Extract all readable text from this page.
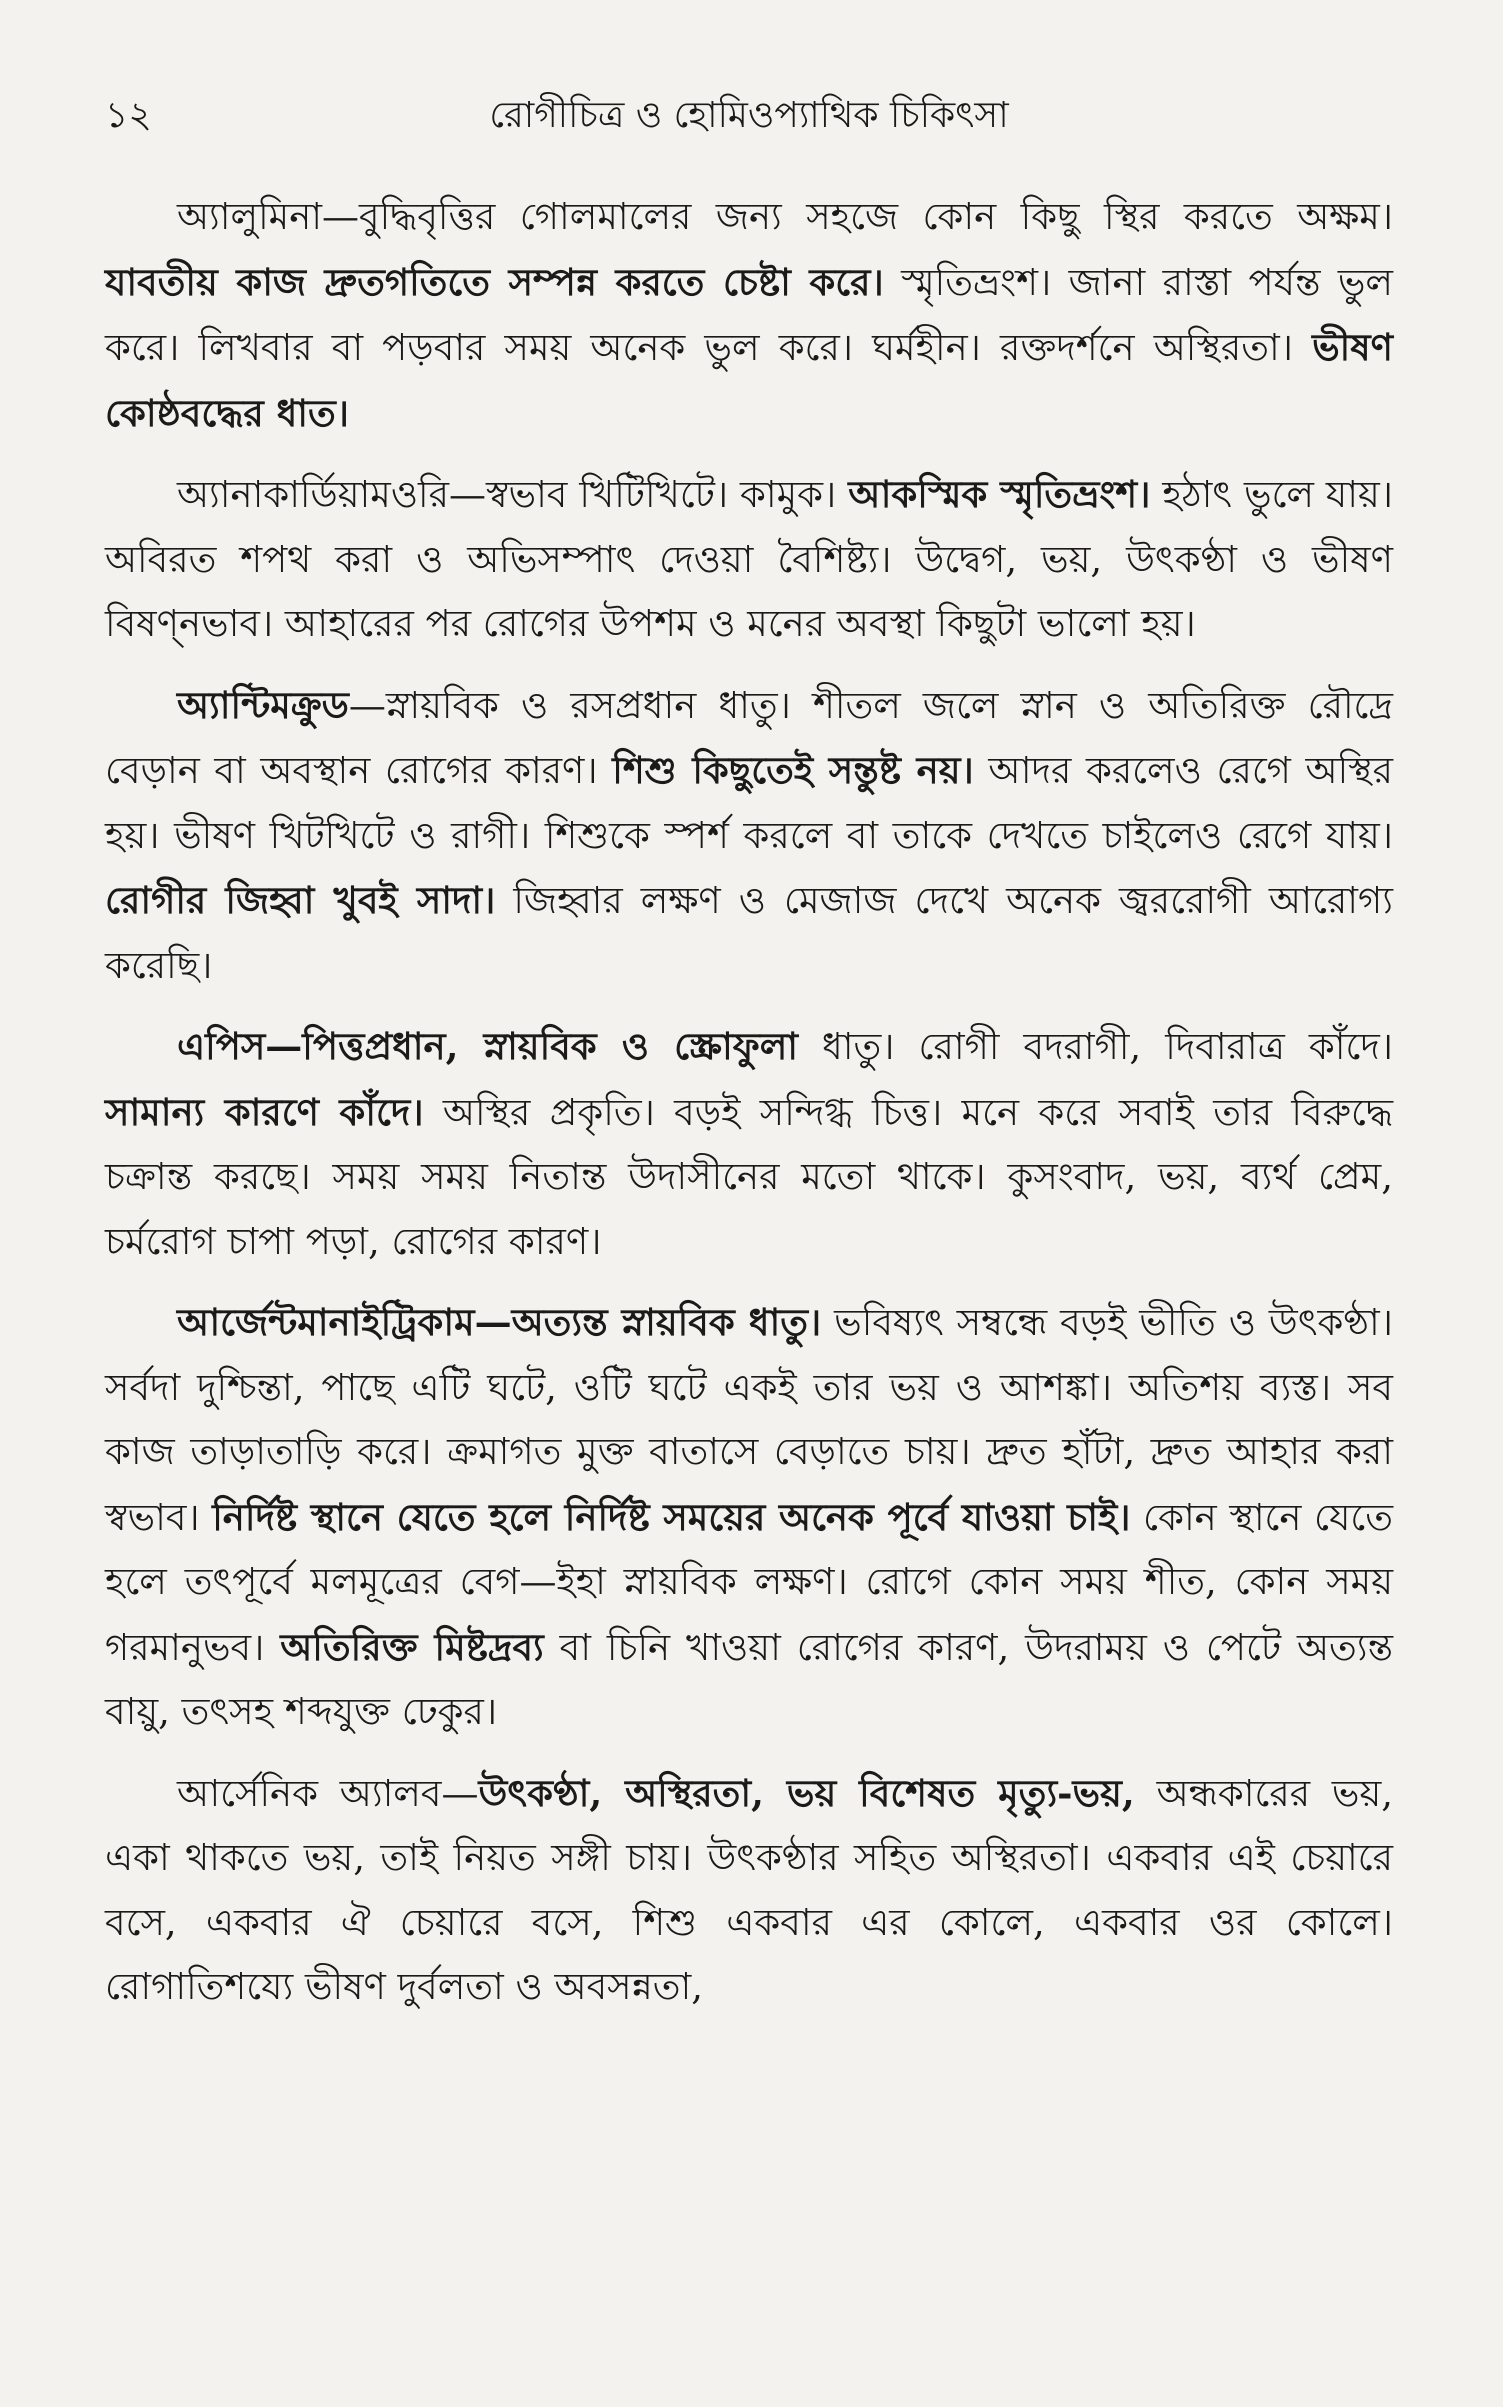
১২	রোগীচিত্র ও হোমিওপ্যাথিক চিকিৎসা

অ্যালুমিনা—বুদ্ধিবৃত্তির গোলমালের জন্য সহজে কোন কিছু স্থির করতে অক্ষম। যাবতীয় কাজ দ্রুতগতিতে সম্পন্ন করতে চেষ্টা করে। স্মৃতিভ্রংশ। জানা রাস্তা পর্যন্ত ভুল করে। লিখবার বা পড়বার সময় অনেক ভুল করে। ঘর্মহীন। রক্তদর্শনে অস্থিরতা। ভীষণ কোষ্ঠবদ্ধের ধাত।

অ্যানাকার্ডিয়ামওরি—স্বভাব খিটিখিটে। কামুক। আকস্মিক স্মৃতিভ্রংশ। হঠাৎ ভুলে যায়। অবিরত শপথ করা ও অভিসম্পাৎ দেওয়া বৈশিষ্ট্য। উদ্বেগ, ভয়, উৎকণ্ঠা ও ভীষণ বিষণ্নভাব। আহারের পর রোগের উপশম ও মনের অবস্থা কিছুটা ভালো হয়।

অ্যান্টিমক্রুড—স্নায়বিক ও রসপ্রধান ধাতু। শীতল জলে স্নান ও অতিরিক্ত রৌদ্রে বেড়ান বা অবস্থান রোগের কারণ। শিশু কিছুতেই সন্তুষ্ট নয়। আদর করলেও রেগে অস্থির হয়। ভীষণ খিটখিটে ও রাগী। শিশুকে স্পর্শ করলে বা তাকে দেখতে চাইলেও রেগে যায়। রোগীর জিহ্বা খুবই সাদা। জিহ্বার লক্ষণ ও মেজাজ দেখে অনেক জ্বররোগী আরোগ্য করেছি।

এপিস—পিত্তপ্রধান, স্নায়বিক ও স্ক্রোফুলা ধাতু। রোগী বদরাগী, দিবারাত্র কাঁদে। সামান্য কারণে কাঁদে। অস্থির প্রকৃতি। বড়ই সন্দিগ্ধ চিত্ত। মনে করে সবাই তার বিরুদ্ধে চক্রান্ত করছে। সময় সময় নিতান্ত উদাসীনের মতো থাকে। কুসংবাদ, ভয়, ব্যর্থ প্রেম, চর্মরোগ চাপা পড়া, রোগের কারণ।

আর্জেন্টমানাইট্রিকাম—অত্যন্ত স্নায়বিক ধাতু। ভবিষ্যৎ সম্বন্ধে বড়ই ভীতি ও উৎকণ্ঠা। সর্বদা দুশ্চিন্তা, পাছে এটি ঘটে, ওটি ঘটে একই তার ভয় ও আশঙ্কা। অতিশয় ব্যস্ত। সব কাজ তাড়াতাড়ি করে। ক্রমাগত মুক্ত বাতাসে বেড়াতে চায়। দ্রুত হাঁটা, দ্রুত আহার করা স্বভাব। নির্দিষ্ট স্থানে যেতে হলে নির্দিষ্ট সময়ের অনেক পূর্বে যাওয়া চাই। কোন স্থানে যেতে হলে তৎপূর্বে মলমূত্রের বেগ—ইহা স্নায়বিক লক্ষণ। রোগে কোন সময় শীত, কোন সময় গরমানুভব। অতিরিক্ত মিষ্টদ্রব্য বা চিনি খাওয়া রোগের কারণ, উদরাময় ও পেটে অত্যন্ত বায়ু, তৎসহ শব্দযুক্ত ঢেকুর।

আর্সেনিক অ্যালব—উৎকণ্ঠা, অস্থিরতা, ভয় বিশেষত মৃত্যু-ভয়, অন্ধকারের ভয়, একা থাকতে ভয়, তাই নিয়ত সঙ্গী চায়। উৎকণ্ঠার সহিত অস্থিরতা। একবার এই চেয়ারে বসে, একবার ঐ চেয়ারে বসে, শিশু একবার এর কোলে, একবার ওর কোলে। রোগাতিশয্যে ভীষণ দুর্বলতা ও অবসন্নতা,
